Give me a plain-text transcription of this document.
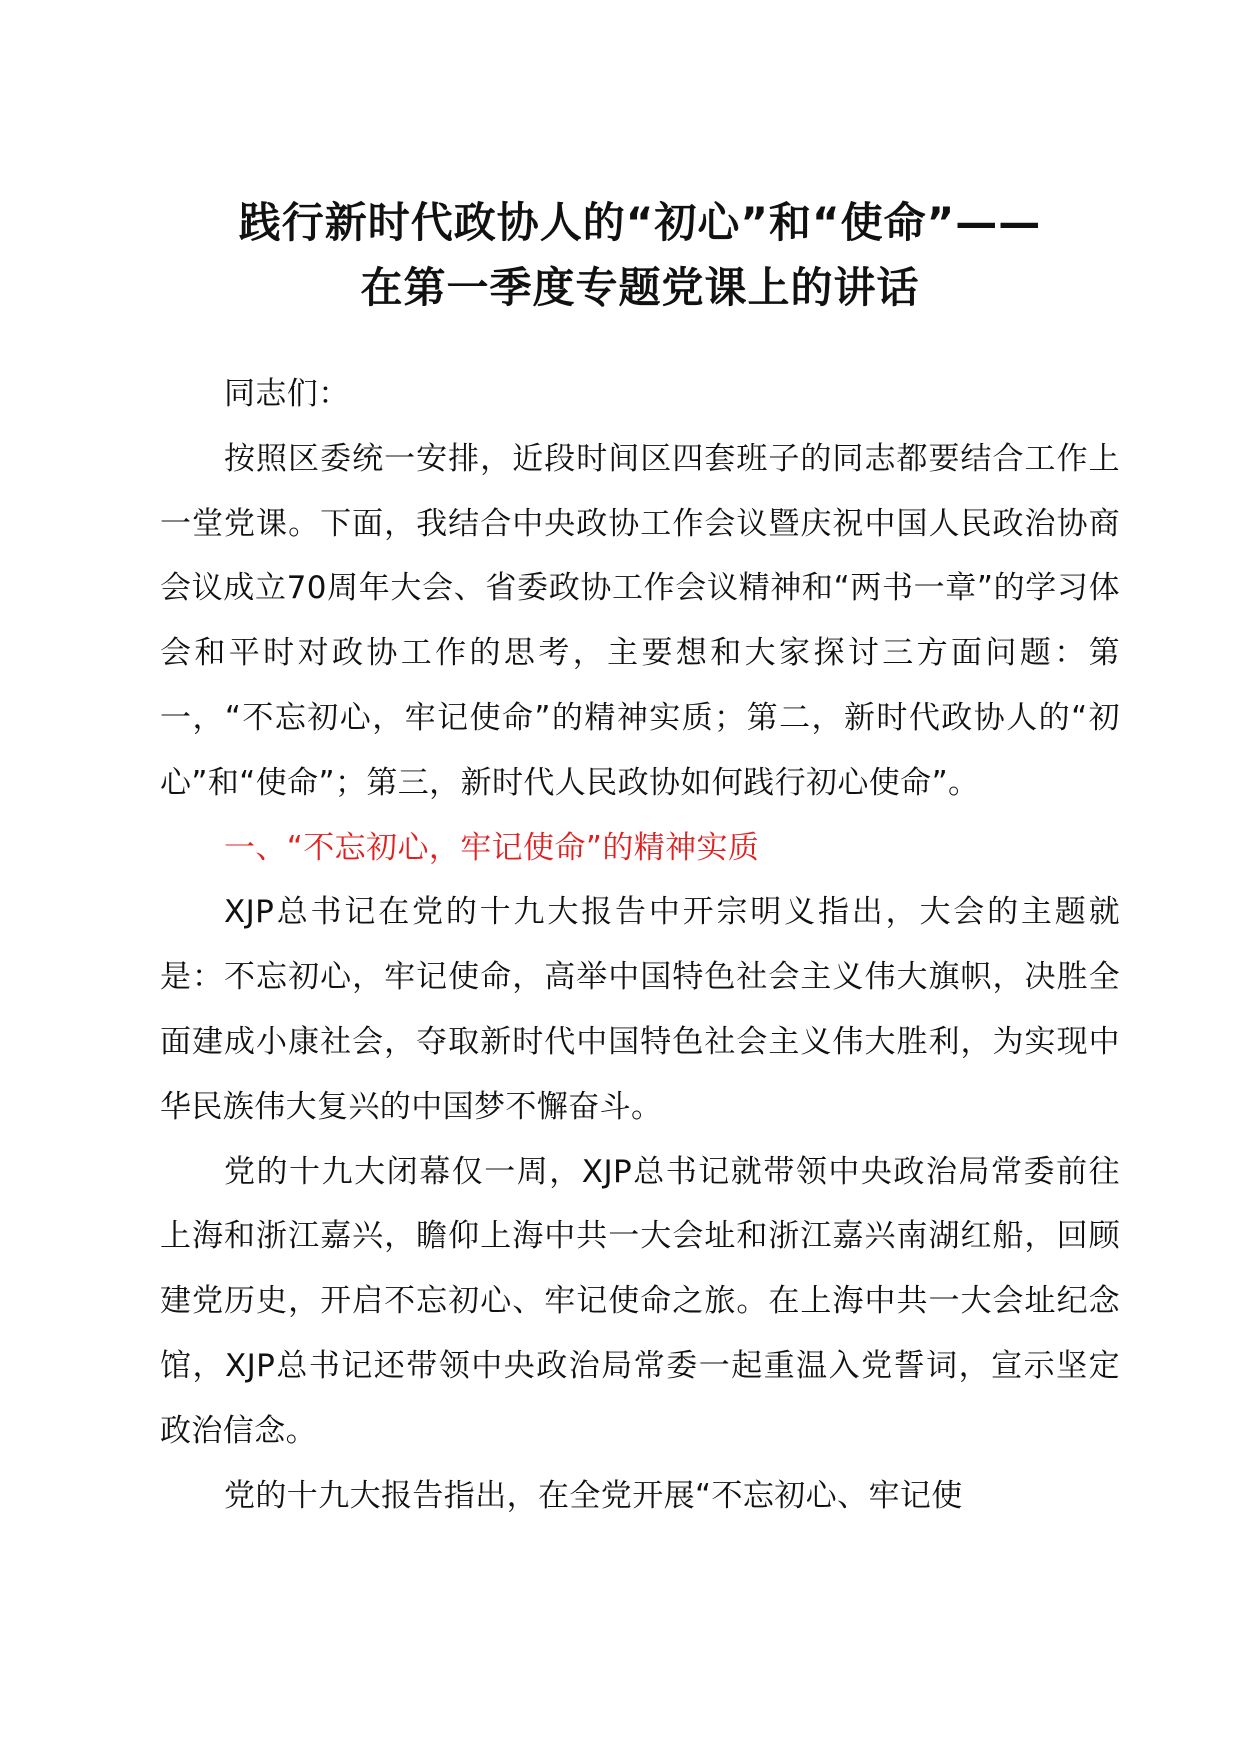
践行新时代政协人的“初心”和“使命”——
在第一季度专题党课上的讲话

同志们：

按照区委统一安排，近段时间区四套班子的同志都要结合工作上一堂党课。下面，我结合中央政协工作会议暨庆祝中国人民政治协商会议成立70周年大会、省委政协工作会议精神和“两书一章”的学习体会和平时对政协工作的思考，主要想和大家探讨三方面问题：第一，“不忘初心，牢记使命”的精神实质；第二，新时代政协人的“初心”和“使命”；第三，新时代人民政协如何践行初心使命”。

一、“不忘初心，牢记使命”的精神实质

XJP总书记在党的十九大报告中开宗明义指出，大会的主题就是：不忘初心，牢记使命，高举中国特色社会主义伟大旗帜，决胜全面建成小康社会，夺取新时代中国特色社会主义伟大胜利，为实现中华民族伟大复兴的中国梦不懈奋斗。

党的十九大闭幕仅一周，XJP总书记就带领中央政治局常委前往上海和浙江嘉兴，瞻仰上海中共一大会址和浙江嘉兴南湖红船，回顾建党历史，开启不忘初心、牢记使命之旅。在上海中共一大会址纪念馆，XJP总书记还带领中央政治局常委一起重温入党誓词，宣示坚定政治信念。

党的十九大报告指出，在全党开展“不忘初心、牢记使
